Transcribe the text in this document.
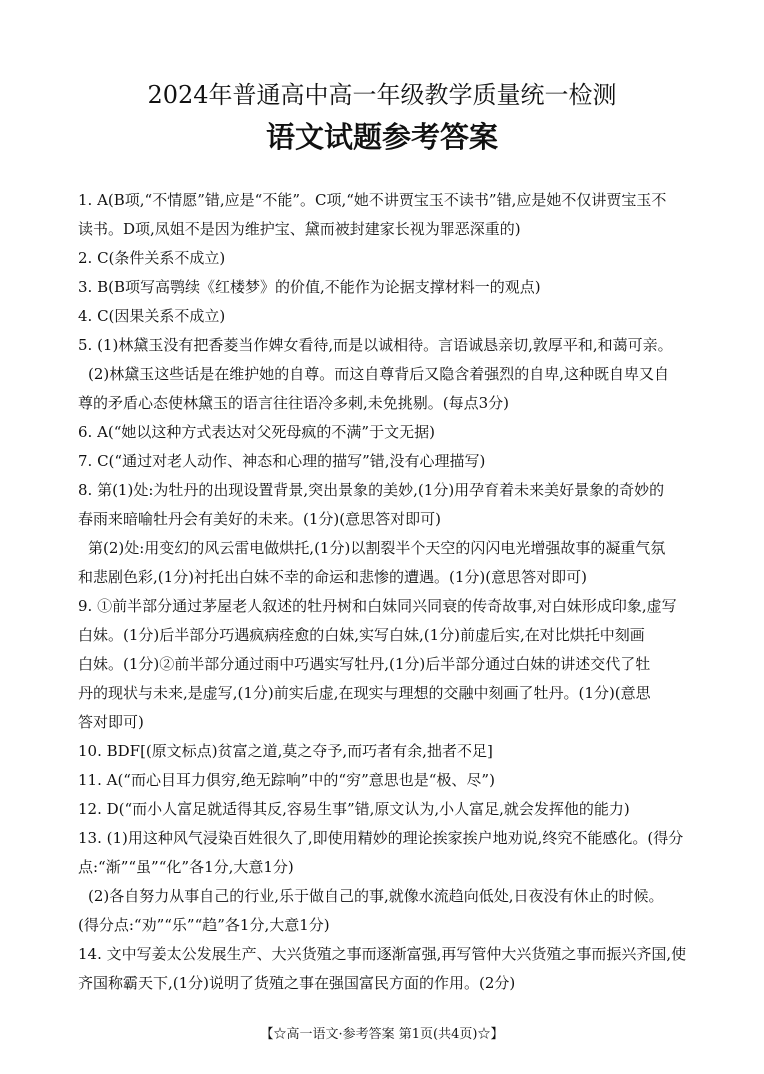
2024年普通高中高一年级教学质量统一检测
语文试题参考答案
1. A(B项,“不情愿”错,应是“不能”。C项,“她不讲贾宝玉不读书”错,应是她不仅讲贾宝玉不
读书。D项,凤姐不是因为维护宝、黛而被封建家长视为罪恶深重的)
2. C(条件关系不成立)
3. B(B项写高鹗续《红楼梦》的价值,不能作为论据支撑材料一的观点)
4. C(因果关系不成立)
5. (1)林黛玉没有把香菱当作婢女看待,而是以诚相待。言语诚恳亲切,敦厚平和,和蔼可亲。
(2)林黛玉这些话是在维护她的自尊。而这自尊背后又隐含着强烈的自卑,这种既自卑又自
尊的矛盾心态使林黛玉的语言往往语冷多刺,未免挑剔。(每点3分)
6. A(“她以这种方式表达对父死母疯的不满”于文无据)
7. C(“通过对老人动作、神态和心理的描写”错,没有心理描写)
8. 第(1)处:为牡丹的出现设置背景,突出景象的美妙,(1分)用孕育着未来美好景象的奇妙的
春雨来暗喻牡丹会有美好的未来。(1分)(意思答对即可)
第(2)处:用变幻的风云雷电做烘托,(1分)以割裂半个天空的闪闪电光增强故事的凝重气氛
和悲剧色彩,(1分)衬托出白妹不幸的命运和悲惨的遭遇。(1分)(意思答对即可)
9. ①前半部分通过茅屋老人叙述的牡丹树和白妹同兴同衰的传奇故事,对白妹形成印象,虚写
白妹。(1分)后半部分巧遇疯病痊愈的白妹,实写白妹,(1分)前虚后实,在对比烘托中刻画
白妹。(1分)②前半部分通过雨中巧遇实写牡丹,(1分)后半部分通过白妹的讲述交代了牡
丹的现状与未来,是虚写,(1分)前实后虚,在现实与理想的交融中刻画了牡丹。(1分)(意思
答对即可)
10. BDF[(原文标点)贫富之道,莫之夺予,而巧者有余,拙者不足]
11. A(“而心目耳力俱穷,绝无踪响”中的“穷”意思也是“极、尽”)
12. D(“而小人富足就适得其反,容易生事”错,原文认为,小人富足,就会发挥他的能力)
13. (1)用这种风气浸染百姓很久了,即使用精妙的理论挨家挨户地劝说,终究不能感化。(得分
点:“渐”“虽”“化”各1分,大意1分)
(2)各自努力从事自己的行业,乐于做自己的事,就像水流趋向低处,日夜没有休止的时候。
(得分点:“劝”“乐”“趋”各1分,大意1分)
14. 文中写姜太公发展生产、大兴货殖之事而逐渐富强,再写管仲大兴货殖之事而振兴齐国,使
齐国称霸天下,(1分)说明了货殖之事在强国富民方面的作用。(2分)
【☆高一语文·参考答案 第1页(共4页)☆】
